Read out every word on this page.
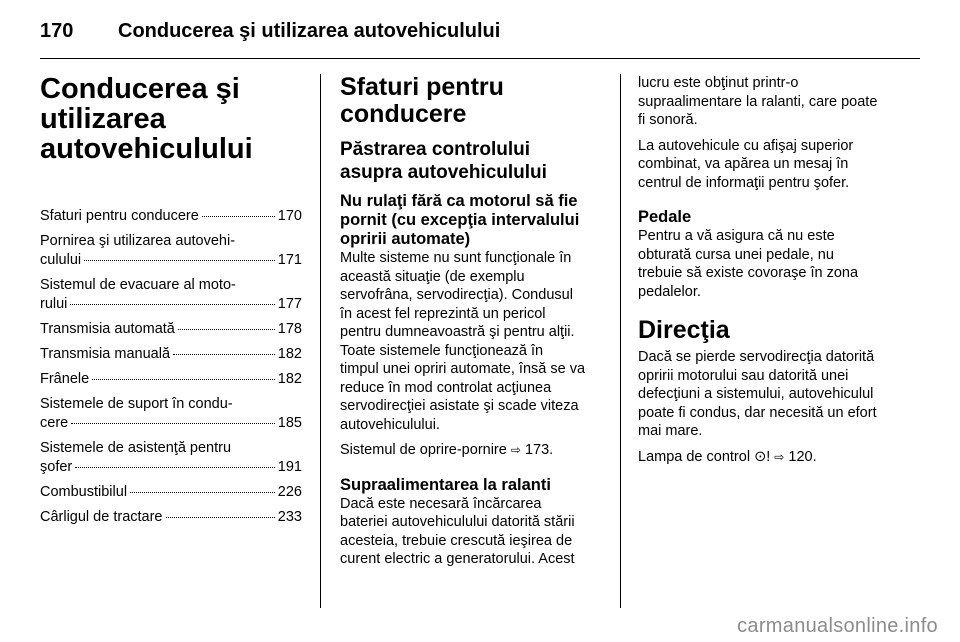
170 Conducerea şi utilizarea autovehiculului
Conducerea şi
utilizarea
autovehiculului
Sfaturi pentru conducere	170
Pornirea şi utilizarea autovehi-
culului	171
Sistemul de evacuare al moto-
rului	177
Transmisia automată	178
Transmisia manuală	182
Frânele	182
Sistemele de suport în condu-
cere	185
Sistemele de asistenţă pentru
şofer	191
Combustibilul	226
Cârligul de tractare	233
Sfaturi pentru
conducere
Păstrarea controlului
asupra autovehiculului
Nu rulaţi fără ca motorul să fie
pornit (cu excepţia intervalului
opririi automate)

Multe sisteme nu sunt funcţionale în
această situaţie (de exemplu
servofrâna, servodirecţia). Condusul
în acest fel reprezintă un pericol
pentru dumneavoastră şi pentru alţii.
Toate sistemele funcţionează în
timpul unei opriri automate, însă se va
reduce în mod controlat acţiunea
servodirecţiei asistate şi scade viteza
autovehiculului.

Sistemul de oprire-pornire ⇨ 173.

Supraalimentarea la ralanti

Dacă este necesară încărcarea
bateriei autovehiculului datorită stării
acesteia, trebuie crescută ieşirea de
curent electric a generatorului. Acest

lucru este obţinut printr-o
supraalimentare la ralanti, care poate
fi sonoră.

La autovehicule cu afişaj superior
combinat, va apărea un mesaj în
centrul de informaţii pentru şofer.

Pedale

Pentru a vă asigura că nu este
obturată cursa unei pedale, nu
trebuie să existe covoraşe în zona
pedalelor.

Direcţia

Dacă se pierde servodirecţia datorită
opririi motorului sau datorită unei
defecţiuni a sistemului, autovehiculul
poate fi condus, dar necesită un efort
mai mare.

Lampa de control ⊙! ⇨ 120.

carmanualsonline.info
